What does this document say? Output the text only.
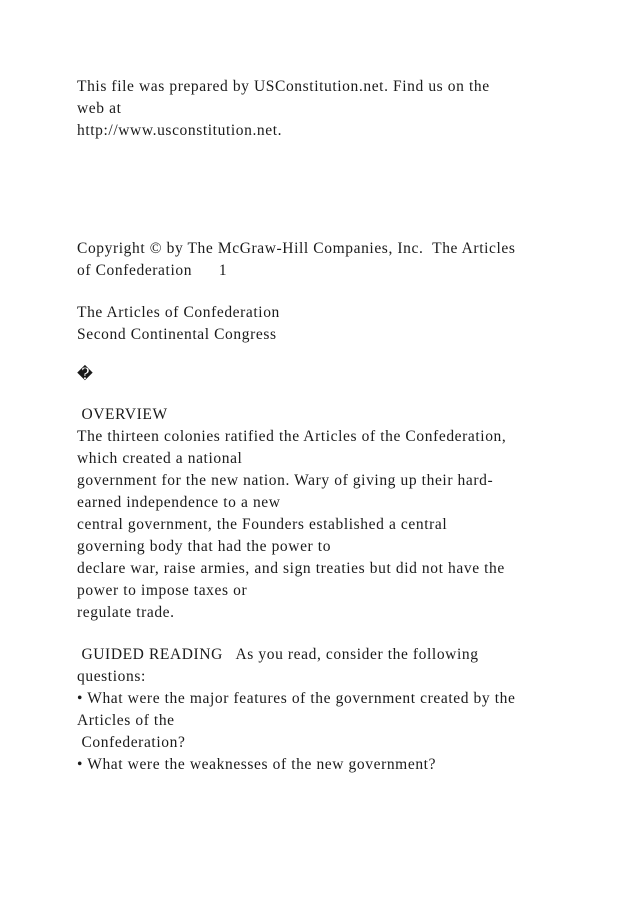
This file was prepared by USConstitution.net. Find us on the

web at

http://www.usconstitution.net.

Copyright © by The McGraw-Hill Companies, Inc.  The Articles

of Confederation      1

The Articles of Confederation

Second Continental Congress

�

OVERVIEW

The thirteen colonies ratified the Articles of the Confederation,

which created a national

government for the new nation. Wary of giving up their hard-

earned independence to a new

central government, the Founders established a central

governing body that had the power to

declare war, raise armies, and sign treaties but did not have the

power to impose taxes or

regulate trade.

GUIDED READING   As you read, consider the following

questions:

• What were the major features of the government created by the

Articles of the

Confederation?

• What were the weaknesses of the new government?
